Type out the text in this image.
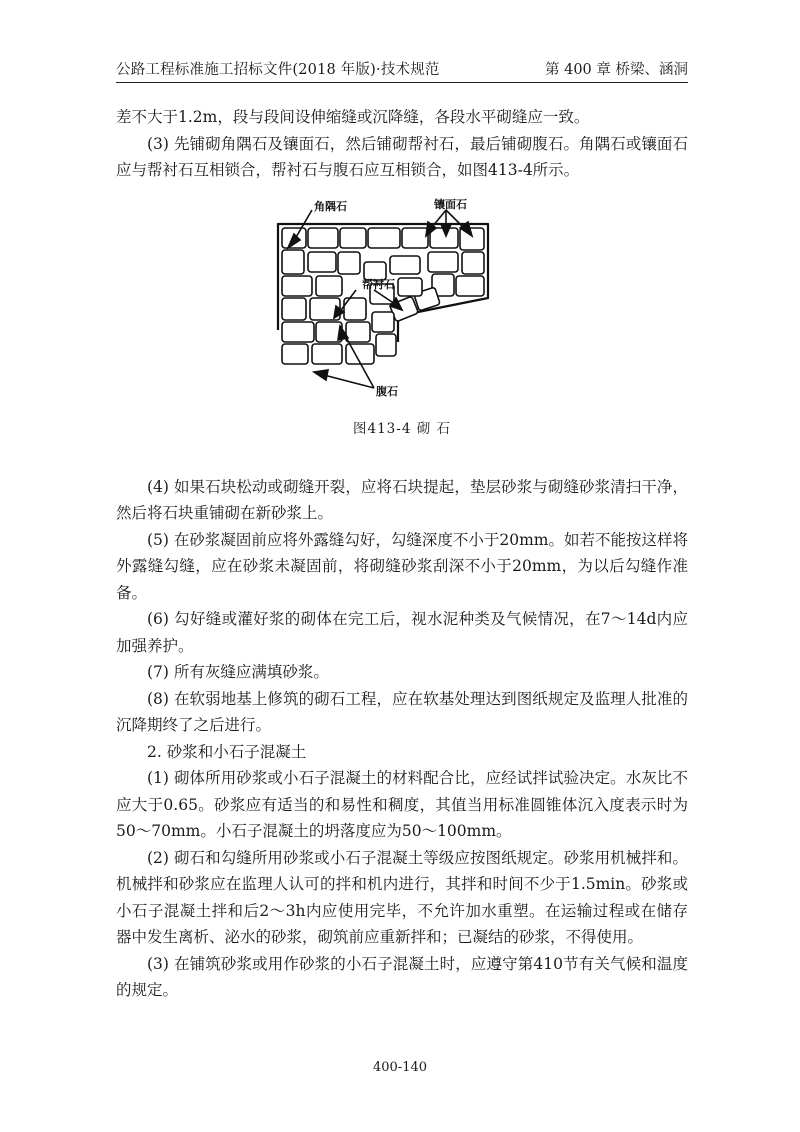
公路工程标准施工招标文件(2018 年版)·技术规范	第 400 章 桥梁、涵洞

差不大于1.2m，段与段间设伸缩缝或沉降缝，各段水平砌缝应一致。

(3) 先铺砌角隅石及镶面石，然后铺砌帮衬石，最后铺砌腹石。角隅石或镶面石应与帮衬石互相锁合，帮衬石与腹石应互相锁合，如图413-4所示。

角隅石	镶面石
帮衬石
腹石
图413-4 砌 石

(4) 如果石块松动或砌缝开裂，应将石块提起，垫层砂浆与砌缝砂浆清扫干净，然后将石块重铺砌在新砂浆上。

(5) 在砂浆凝固前应将外露缝勾好，勾缝深度不小于20mm。如若不能按这样将外露缝勾缝，应在砂浆未凝固前，将砌缝砂浆刮深不小于20mm，为以后勾缝作准备。

(6) 勾好缝或灌好浆的砌体在完工后，视水泥种类及气候情况，在7～14d内应加强养护。

(7) 所有灰缝应满填砂浆。

(8) 在软弱地基上修筑的砌石工程，应在软基处理达到图纸规定及监理人批准的沉降期终了之后进行。

2. 砂浆和小石子混凝土

(1) 砌体所用砂浆或小石子混凝土的材料配合比，应经试拌试验决定。水灰比不应大于0.65。砂浆应有适当的和易性和稠度，其值当用标准圆锥体沉入度表示时为50～70mm。小石子混凝土的坍落度应为50～100mm。

(2) 砌石和勾缝所用砂浆或小石子混凝土等级应按图纸规定。砂浆用机械拌和。机械拌和砂浆应在监理人认可的拌和机内进行，其拌和时间不少于1.5min。砂浆或小石子混凝土拌和后2～3h内应使用完毕，不允许加水重塑。在运输过程或在储存器中发生离析、泌水的砂浆，砌筑前应重新拌和；已凝结的砂浆，不得使用。

(3) 在铺筑砂浆或用作砂浆的小石子混凝土时，应遵守第410节有关气候和温度的规定。

400-140
